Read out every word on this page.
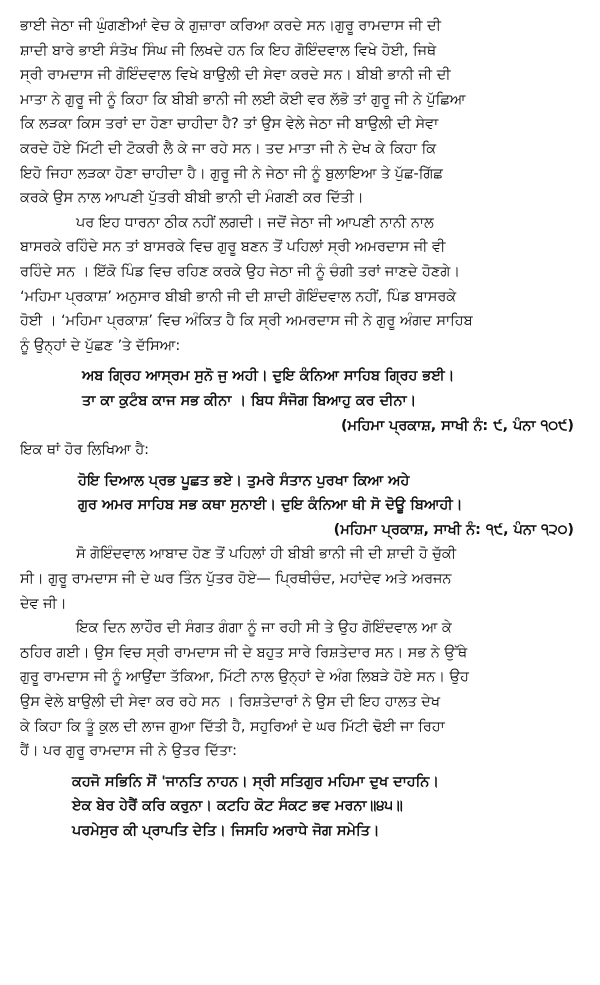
ਭਾਈ ਜੇਠਾ ਜੀ ਘੁੰਗਣੀਆਂ ਵੇਚ ਕੇ ਗੁਜ਼ਾਰਾ ਕਰਿਆ ਕਰਦੇ ਸਨ।ਗੁਰੂ ਰਾਮਦਾਸ ਜੀ ਦੀ
ਸ਼ਾਦੀ ਬਾਰੇ ਭਾਈ ਸੰਤੋਖ ਸਿੰਘ ਜੀ ਲਿਖਦੇ ਹਨ ਕਿ ਇਹ ਗੋਇੰਦਵਾਲ ਵਿਖੇ ਹੋਈ, ਜਿਥੇ
ਸ੍ਰੀ ਰਾਮਦਾਸ ਜੀ ਗੋਇੰਦਵਾਲ ਵਿਖੇ ਬਾਉਲੀ ਦੀ ਸੇਵਾ ਕਰਦੇ ਸਨ। ਬੀਬੀ ਭਾਨੀ ਜੀ ਦੀ
ਮਾਤਾ ਨੇ ਗੁਰੂ ਜੀ ਨੂੰ ਕਿਹਾ ਕਿ ਬੀਬੀ ਭਾਨੀ ਜੀ ਲਈ ਕੋਈ ਵਰ ਲੱਭੋ ਤਾਂ ਗੁਰੂ ਜੀ ਨੇ ਪੁੱਛਿਆ
ਕਿ ਲੜਕਾ ਕਿਸ ਤਰਾਂ ਦਾ ਹੋਣਾ ਚਾਹੀਦਾ ਹੈ? ਤਾਂ ਉਸ ਵੇਲੇ ਜੇਠਾ ਜੀ ਬਾਉਲੀ ਦੀ ਸੇਵਾ
ਕਰਦੇ ਹੋਏ ਮਿੱਟੀ ਦੀ ਟੋਕਰੀ ਲੈ ਕੇ ਜਾ ਰਹੇ ਸਨ। ਤਦ ਮਾਤਾ ਜੀ ਨੇ ਦੇਖ ਕੇ ਕਿਹਾ ਕਿ
ਇਹੋ ਜਿਹਾ ਲੜਕਾ ਹੋਣਾ ਚਾਹੀਦਾ ਹੈ। ਗੁਰੂ ਜੀ ਨੇ ਜੇਠਾ ਜੀ ਨੂੰ ਬੁਲਾਇਆ ਤੇ ਪੁੱਛ-ਗਿੱਛ
ਕਰਕੇ ਉਸ ਨਾਲ ਆਪਣੀ ਪੁੱਤਰੀ ਬੀਬੀ ਭਾਨੀ ਦੀ ਮੰਗਣੀ ਕਰ ਦਿੱਤੀ।

ਪਰ ਇਹ ਧਾਰਨਾ ਠੀਕ ਨਹੀਂ ਲਗਦੀ। ਜਦੋਂ ਜੇਠਾ ਜੀ ਆਪਣੀ ਨਾਨੀ ਨਾਲ
ਬਾਸਰਕੇ ਰਹਿੰਦੇ ਸਨ ਤਾਂ ਬਾਸਰਕੇ ਵਿਚ ਗੁਰੂ ਬਣਨ ਤੋਂ ਪਹਿਲਾਂ ਸ੍ਰੀ ਅਮਰਦਾਸ ਜੀ ਵੀ
ਰਹਿੰਦੇ ਸਨ । ਇੱਕੋ ਪਿੰਡ ਵਿਚ ਰਹਿਣ ਕਰਕੇ ਉਹ ਜੇਠਾ ਜੀ ਨੂੰ ਚੰਗੀ ਤਰਾਂ ਜਾਣਦੇ ਹੋਣਗੇ।
‘ਮਹਿਮਾ ਪ੍ਰਕਾਸ਼’ ਅਨੁਸਾਰ ਬੀਬੀ ਭਾਨੀ ਜੀ ਦੀ ਸ਼ਾਦੀ ਗੋਇੰਦਵਾਲ ਨਹੀਂ, ਪਿੰਡ ਬਾਸਰਕੇ
ਹੋਈ । ‘ਮਹਿਮਾ ਪ੍ਰਕਾਸ਼’ ਵਿਚ ਅੰਕਿਤ ਹੈ ਕਿ ਸ੍ਰੀ ਅਮਰਦਾਸ ਜੀ ਨੇ ਗੁਰੂ ਅੰਗਦ ਸਾਹਿਬ
ਨੂੰ ਉਨ੍ਹਾਂ ਦੇ ਪੁੱਛਣ ’ਤੇ ਦੱਸਿਆ:

ਅਬ ਗ੍ਰਿਹ ਆਸ੍ਰਮ ਸੁਨੋ ਜੁ ਅਹੀ। ਦੁਇ ਕੰਨਿਆ ਸਾਹਿਬ ਗ੍ਰਿਹ ਭਈ।

ਤਾ ਕਾ ਕੁਟੰਬ ਕਾਜ ਸਭ ਕੀਨਾ । ਬਿਧ ਸੰਜੋਗ ਬਿਆਹੁ ਕਰ ਦੀਨਾ।

(ਮਹਿਮਾ ਪ੍ਰਕਾਸ਼, ਸਾਖੀ ਨੰ: ੯, ਪੰਨਾ ੧੦੯)

ਇਕ ਥਾਂ ਹੋਰ ਲਿਖਿਆ ਹੈ:

ਹੋਇ ਦਿਆਲ ਪ੍ਰਭ ਪੂਛਤ ਭਏ। ਤੁਮਰੇ ਸੰਤਾਨ ਪੁਰਖਾ ਕਿਆ ਅਹੇ

ਗੁਰ ਅਮਰ ਸਾਹਿਬ ਸਭ ਕਥਾ ਸੁਨਾਈ। ਦੁਇ ਕੰਨਿਆ ਥੀ ਸੋ ਦੋਊ ਬਿਆਹੀ।

(ਮਹਿਮਾ ਪ੍ਰਕਾਸ਼, ਸਾਖੀ ਨੰ: ੧੯, ਪੰਨਾ ੧੨੦)

ਸੋ ਗੋਇੰਦਵਾਲ ਆਬਾਦ ਹੋਣ ਤੋਂ ਪਹਿਲਾਂ ਹੀ ਬੀਬੀ ਭਾਨੀ ਜੀ ਦੀ ਸ਼ਾਦੀ ਹੋ ਚੁੱਕੀ
ਸੀ। ਗੁਰੂ ਰਾਮਦਾਸ ਜੀ ਦੇ ਘਰ ਤਿੰਨ ਪੁੱਤਰ ਹੋਏ— ਪ੍ਰਿਥੀਚੰਦ, ਮਹਾਂਦੇਵ ਅਤੇ ਅਰਜਨ
ਦੇਵ ਜੀ।

ਇਕ ਦਿਨ ਲਾਹੌਰ ਦੀ ਸੰਗਤ ਗੰਗਾ ਨੂੰ ਜਾ ਰਹੀ ਸੀ ਤੇ ਉਹ ਗੋਇੰਦਵਾਲ ਆ ਕੇ
ਠਹਿਰ ਗਈ। ਉਸ ਵਿਚ ਸ੍ਰੀ ਰਾਮਦਾਸ ਜੀ ਦੇ ਬਹੁਤ ਸਾਰੇ ਰਿਸ਼ਤੇਦਾਰ ਸਨ। ਸਭ ਨੇ ਉੱਥੇ
ਗੁਰੂ ਰਾਮਦਾਸ ਜੀ ਨੂੰ ਆਉਂਦਾ ਤੱਕਿਆ, ਮਿੱਟੀ ਨਾਲ ਉਨ੍ਹਾਂ ਦੇ ਅੰਗ ਲਿਬੜੇ ਹੋਏ ਸਨ। ਉਹ
ਉਸ ਵੇਲੇ ਬਾਉਲੀ ਦੀ ਸੇਵਾ ਕਰ ਰਹੇ ਸਨ । ਰਿਸ਼ਤੇਦਾਰਾਂ ਨੇ ਉਸ ਦੀ ਇਹ ਹਾਲਤ ਦੇਖ
ਕੇ ਕਿਹਾ ਕਿ ਤੂੰ ਕੁਲ ਦੀ ਲਾਜ ਗੁਆ ਦਿੱਤੀ ਹੈ, ਸਹੁਰਿਆਂ ਦੇ ਘਰ ਮਿੱਟੀ ਢੋਈ ਜਾ ਰਿਹਾ
ਹੈਂ। ਪਰ ਗੁਰੂ ਰਾਮਦਾਸ ਜੀ ਨੇ ਉਤਰ ਦਿੱਤਾ:

ਕਹਜੋ ਸਭਿਨਿ ਸੋਂ 'ਜਾਨਤਿ ਨਾਹਨ। ਸ੍ਰੀ ਸਤਿਗੁਰ ਮਹਿਮਾ ਦੁਖ ਦਾਹਨਿ।

ਏਕ ਬੇਰ ਹੇਰੈਂ ਕਰਿ ਕਰੁਨਾ। ਕਟਹਿ ਕੋਟ ਸੰਕਟ ਭਵ ਮਰਨਾ॥੪੫॥

ਪਰਮੇਸੁਰ ਕੀ ਪ੍ਰਾਪਤਿ ਦੇਤਿ। ਜਿਸਹਿ ਅਰਾਧੇ ਜੋਗ ਸਮੇਤਿ।
